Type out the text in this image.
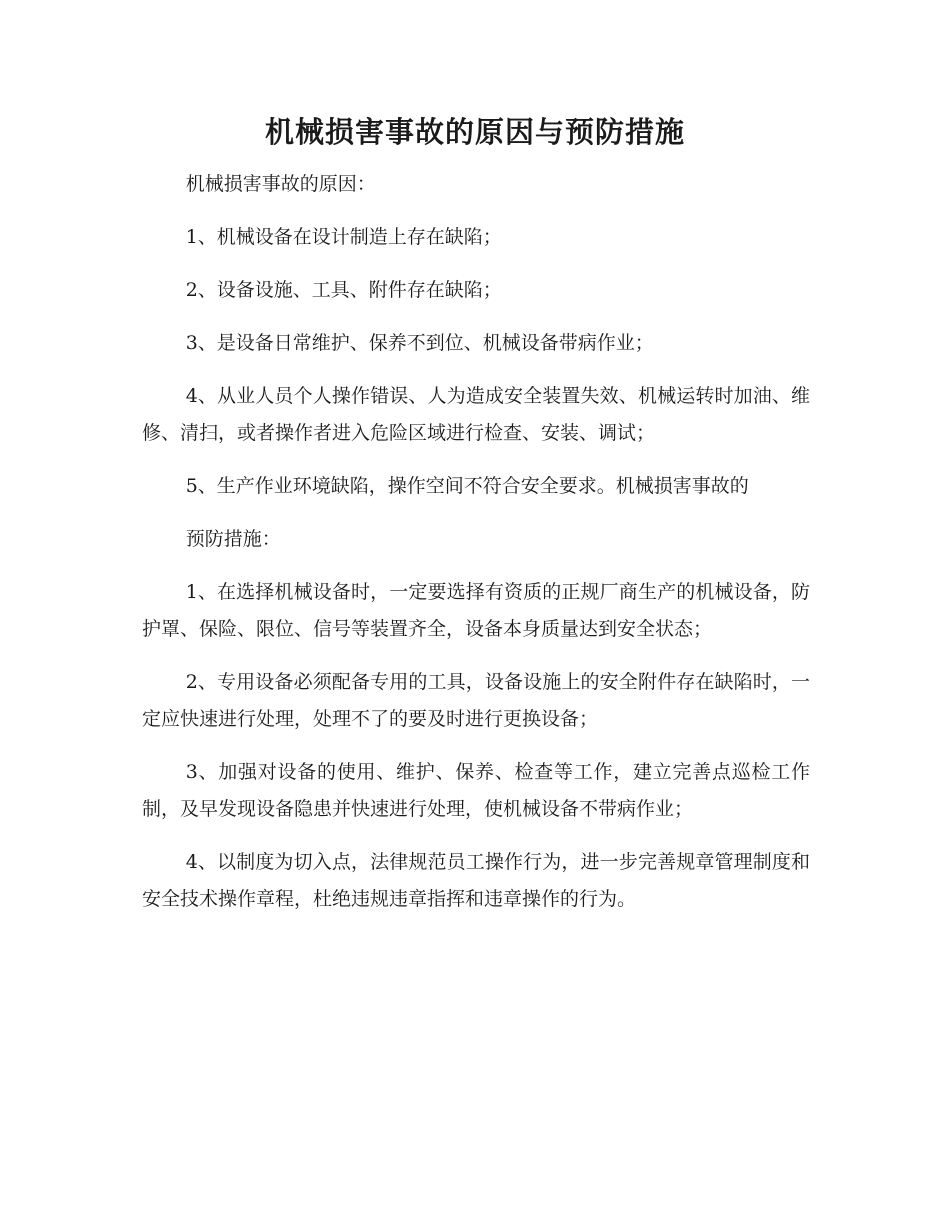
机械损害事故的原因与预防措施

机械损害事故的原因：

1、机械设备在设计制造上存在缺陷；

2、设备设施、工具、附件存在缺陷；

3、是设备日常维护、保养不到位、机械设备带病作业；

4、从业人员个人操作错误、人为造成安全装置失效、机械运转时加油、维修、清扫，或者操作者进入危险区域进行检查、安装、调试；

5、生产作业环境缺陷，操作空间不符合安全要求。机械损害事故的

预防措施：

1、在选择机械设备时，一定要选择有资质的正规厂商生产的机械设备，防护罩、保险、限位、信号等装置齐全，设备本身质量达到安全状态；

2、专用设备必须配备专用的工具，设备设施上的安全附件存在缺陷时，一定应快速进行处理，处理不了的要及时进行更换设备；

3、加强对设备的使用、维护、保养、检查等工作，建立完善点巡检工作制，及早发现设备隐患并快速进行处理，使机械设备不带病作业；

4、以制度为切入点，法律规范员工操作行为，进一步完善规章管理制度和安全技术操作章程，杜绝违规违章指挥和违章操作的行为。
